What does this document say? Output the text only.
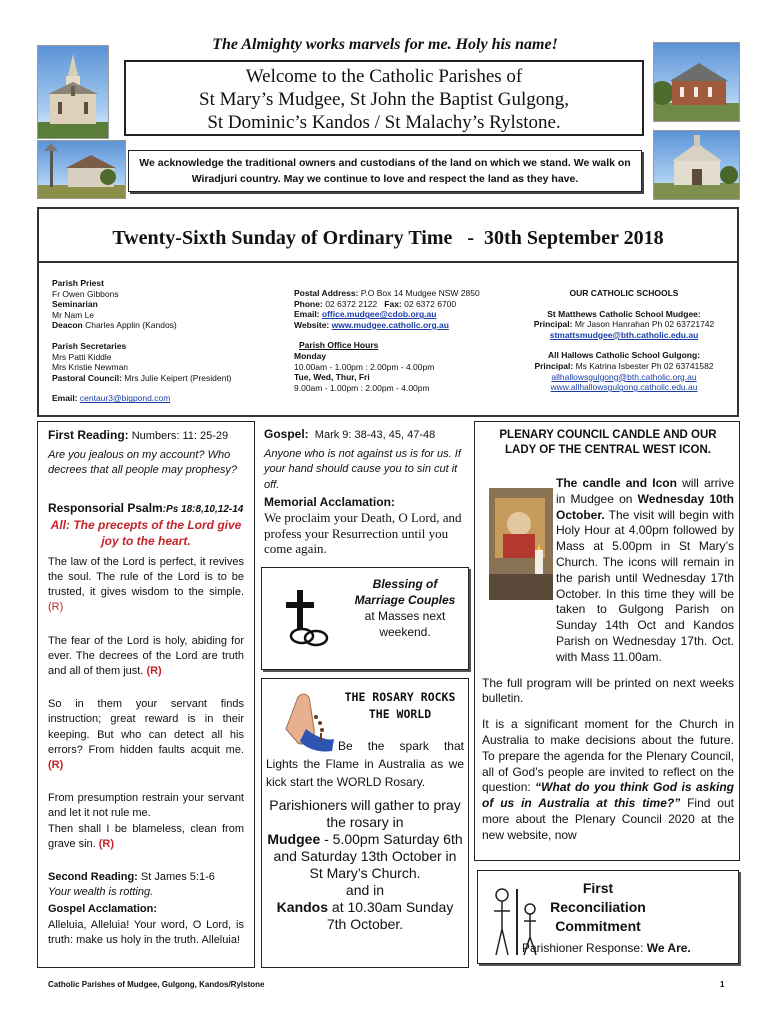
The Almighty works marvels for me. Holy his name!
Welcome to the Catholic Parishes of
St Mary’s Mudgee, St John the Baptist Gulgong,
St Dominic’s Kandos / St Malachy’s Rylstone.
We acknowledge the traditional owners and custodians of the land on which we stand. We walk on Wiradjuri country. May we continue to love and respect the land as they have.
Twenty-Sixth Sunday of Ordinary Time   -  30th September 2018
Parish Priest
Fr Owen Gibbons
Seminarian
Mr Nam Le
Deacon Charles Applin (Kandos)
Parish Secretaries
Mrs Patti Kiddle
Mrs Kristie Newman
Pastoral Council: Mrs Julie Keipert (President)
Email: centaur3@bigpond.com
Postal Address: P.O Box 14 Mudgee NSW 2850
Phone: 02 6372 2122 Fax: 02 6372 6700
Email: office.mudgee@cdob.org.au
Website: www.mudgee.catholic.org.au
Parish Office Hours
Monday
10.00am - 1.00pm : 2.00pm - 4.00pm
Tue, Wed, Thur, Fri
9.00am - 1.00pm : 2.00pm - 4.00pm
OUR CATHOLIC SCHOOLS
St Matthews Catholic School Mudgee:
Principal: Mr Jason Hanrahan Ph 02 63721742
stmattsmudgee@bth.catholic.edu.au
All Hallows Catholic School Gulgong:
Principal: Ms Katrina Isbester Ph 02 63741582
allhallowsgulgong@bth.catholic.org.au
www.allhallowsgulgong.catholic.edu.au

First Reading: Numbers: 11: 25-29

Are you jealous on my account? Who decrees that all people may prophesy?

Responsorial Psalm:Ps 18:8,10,12-14

All: The precepts of the Lord give joy to the heart.

The law of the Lord is perfect, it revives the soul. The rule of the Lord is to be trusted, it gives wisdom to the simple. (R)

The fear of the Lord is holy, abiding for ever. The decrees of the Lord are truth and all of them just. (R)

So in them your servant finds instruction; great reward is in their keeping. But who can detect all his errors? From hidden faults acquit me. (R)

From presumption restrain your servant and let it not rule me.

Then shall I be blameless, clean from grave sin. (R)

Second Reading: St James 5:1-6

Your wealth is rotting.

Gospel Acclamation:

Alleluia, Alleluia! Your word, O Lord, is truth: make us holy in the truth. Alleluia!

Gospel:  Mark 9: 38-43, 45, 47-48

Anyone who is not against us is for us. If your hand should cause you to sin cut it off.

Memorial Acclamation:

We proclaim your Death, O Lord, and profess your Resurrection until you come again.

Blessing of Marriage Couples
at Masses next weekend.
THE ROSARY ROCKS THE WORLD
Be the spark that Lights the Flame in Australia as we kick start the WORLD Rosary.
Parishioners will gather to pray the rosary in
Mudgee - 5.00pm Saturday 6th and Saturday 13th October in St Mary’s Church.
and in
Kandos at 10.30am Sunday 7th October.
PLENARY COUNCIL CANDLE AND OUR LADY OF THE CENTRAL WEST ICON.

The candle and Icon will arrive in Mudgee on Wednesday 10th October. The visit will begin with Holy Hour at 4.00pm followed by Mass at 5.00pm in St Mary’s Church. The icons will remain in the parish until Wednesday 17th October. In this time they will be taken to Gulgong Parish on Sunday 14th Oct and Kandos Parish on Wednesday 17th. Oct. with Mass 11.00am.

The full program will be printed on next weeks bulletin.

It is a significant moment for the Church in Australia to make decisions about the future. To prepare the agenda for the Plenary Council, all of God’s people are invited to reflect on the question: “What do you think God is asking of us in Australia at this time?” Find out more about the Plenary Council 2020 at the new website, now

First Reconciliation Commitment
Parishioner Response: We Are.
Catholic Parishes of Mudgee, Gulgong, Kandos/Rylstone	1
